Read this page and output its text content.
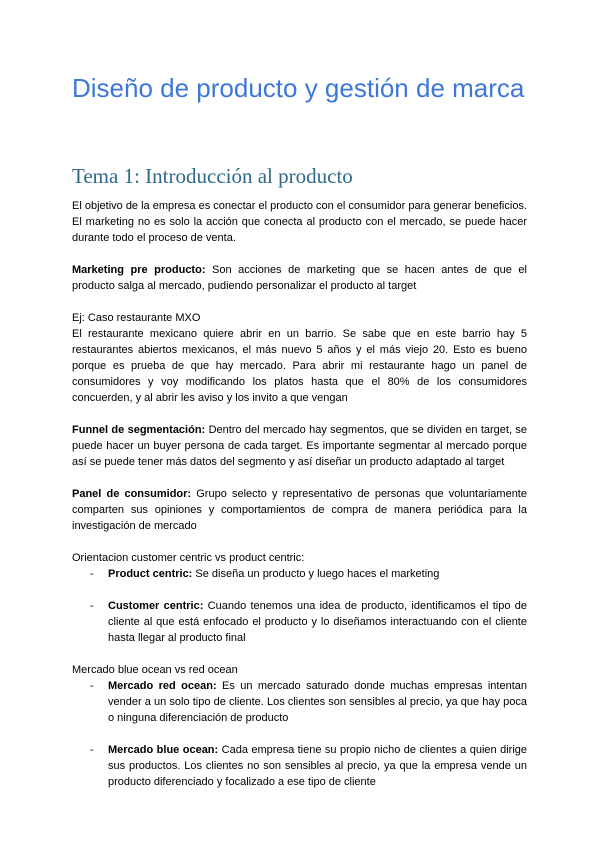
Diseño de producto y gestión de marca
Tema 1: Introducción al producto

El objetivo de la empresa es conectar el producto con el consumidor para generar beneficios. El marketing no es solo la acción que conecta al producto con el mercado, se puede hacer durante todo el proceso de venta.

Marketing pre producto: Son acciones de marketing que se hacen antes de que el producto salga al mercado, pudiendo personalizar el producto al target

Ej: Caso restaurante MXO

El restaurante mexicano quiere abrir en un barrio. Se sabe que en este barrio hay 5 restaurantes abiertos mexicanos, el más nuevo 5 años y el más viejo 20. Esto es bueno porque es prueba de que hay mercado. Para abrir mi restaurante hago un panel de consumidores y voy modificando los platos hasta que el 80% de los consumidores concuerden, y al abrir les aviso y los invito a que vengan

Funnel de segmentación: Dentro del mercado hay segmentos, que se dividen en target, se puede hacer un buyer persona de cada target. Es importante segmentar al mercado porque así se puede tener más datos del segmento y así diseñar un producto adaptado al target

Panel de consumidor: Grupo selecto y representativo de personas que voluntariamente comparten sus opiniones y comportamientos de compra de manera periódica para la investigación de mercado

Orientacion customer centric vs product centric:

- Product centric: Se diseña un producto y luego haces el marketing
- Customer centric: Cuando tenemos una idea de producto, identificamos el tipo de cliente al que está enfocado el producto y lo diseñamos interactuando con el cliente hasta llegar al producto final

Mercado blue ocean vs red ocean

- Mercado red ocean: Es un mercado saturado donde muchas empresas intentan vender a un solo tipo de cliente. Los clientes son sensibles al precio, ya que hay poca o ninguna diferenciación de producto
- Mercado blue ocean: Cada empresa tiene su propio nicho de clientes a quien dirige sus productos. Los clientes no son sensibles al precio, ya que la empresa vende un producto diferenciado y focalizado a ese tipo de cliente
